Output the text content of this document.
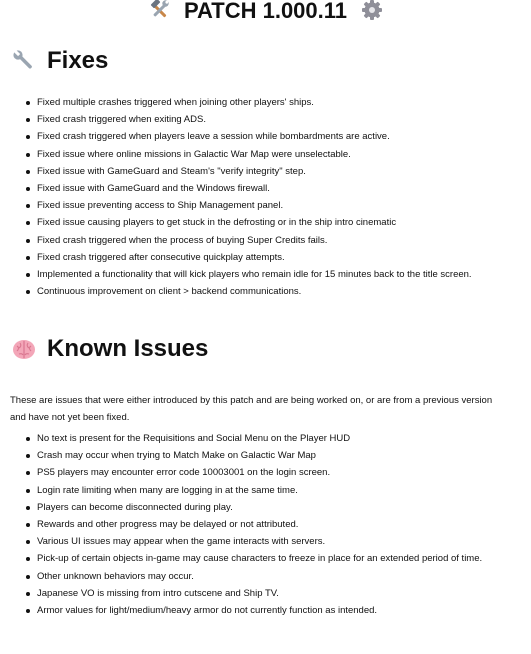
PATCH 1.000.11
Fixes
Fixed multiple crashes triggered when joining other players' ships.
Fixed crash triggered when exiting ADS.
Fixed crash triggered when players leave a session while bombardments are active.
Fixed issue where online missions in Galactic War Map were unselectable.
Fixed issue with GameGuard and Steam's "verify integrity" step.
Fixed issue with GameGuard and the Windows firewall.
Fixed issue preventing access to Ship Management panel.
Fixed issue causing players to get stuck in the defrosting or in the ship intro cinematic
Fixed crash triggered when the process of buying Super Credits fails.
Fixed crash triggered after consecutive quickplay attempts.
Implemented a functionality that will kick players who remain idle for 15 minutes back to the title screen.
Continuous improvement on client > backend communications.
Known Issues

These are issues that were either introduced by this patch and are being worked on, or are from a previous version and have not yet been fixed.

No text is present for the Requisitions and Social Menu on the Player HUD
Crash may occur when trying to Match Make on Galactic War Map
PS5 players may encounter error code 10003001 on the login screen.
Login rate limiting when many are logging in at the same time.
Players can become disconnected during play.
Rewards and other progress may be delayed or not attributed.
Various UI issues may appear when the game interacts with servers.
Pick-up of certain objects in-game may cause characters to freeze in place for an extended period of time.
Other unknown behaviors may occur.
Japanese VO is missing from intro cutscene and Ship TV.
Armor values for light/medium/heavy armor do not currently function as intended.
